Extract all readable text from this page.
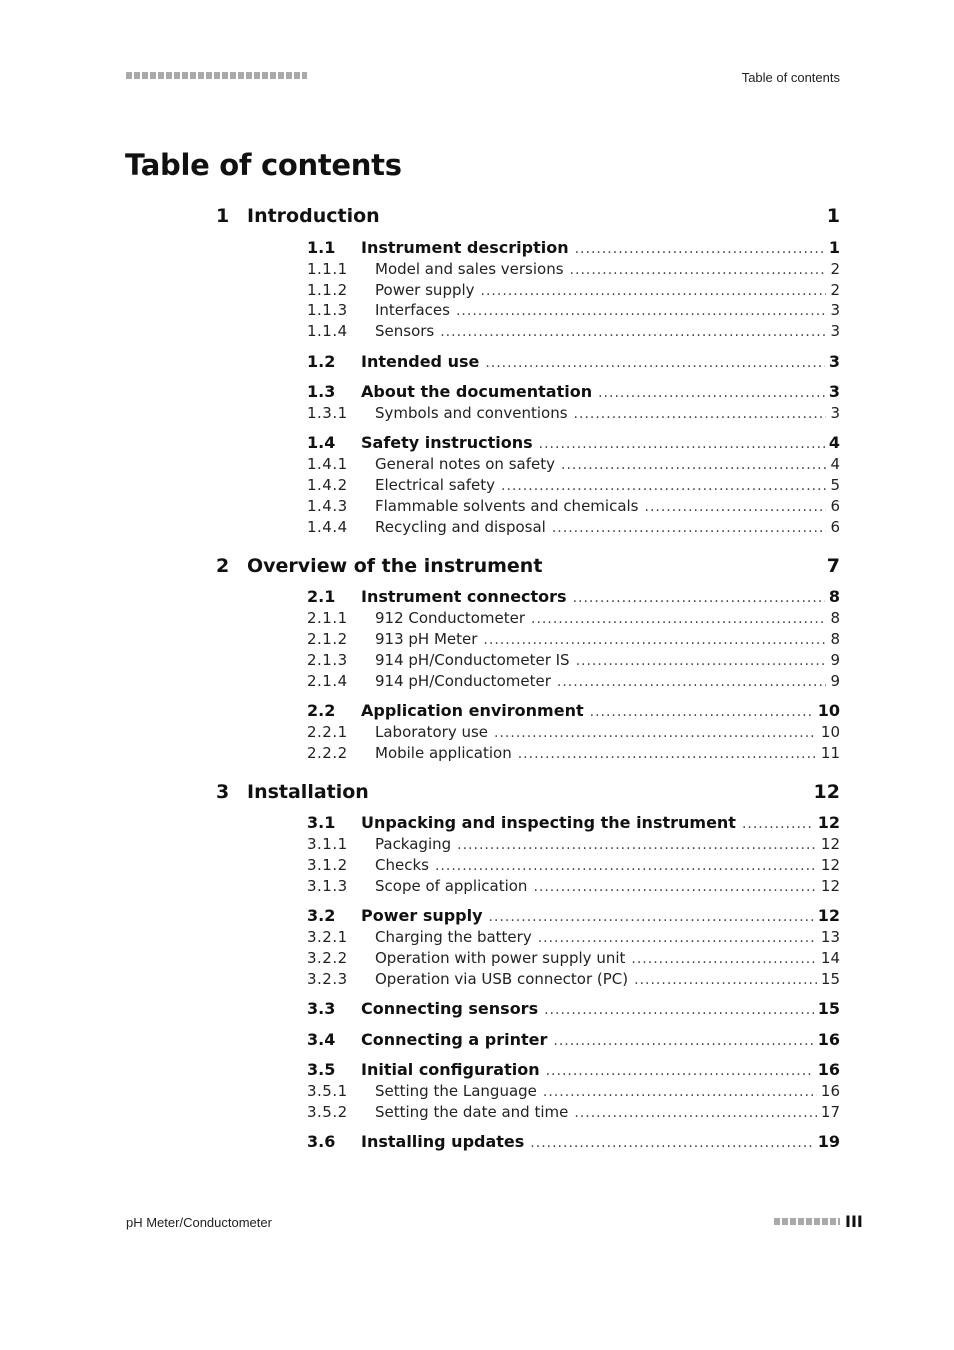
Table of contents
Table of contents
1 Introduction	1
1.1	Instrument description .....	1
1.1.1	Model and sales versions .....	2
1.1.2	Power supply .....	2
1.1.3	Interfaces .....	3
1.1.4	Sensors .....	3
1.2	Intended use .....	3
1.3	About the documentation .....	3
1.3.1	Symbols and conventions .....	3
1.4	Safety instructions .....	4
1.4.1	General notes on safety .....	4
1.4.2	Electrical safety .....	5
1.4.3	Flammable solvents and chemicals .....	6
1.4.4	Recycling and disposal .....	6
2 Overview of the instrument	7
2.1	Instrument connectors .....	8
2.1.1	912 Conductometer .....	8
2.1.2	913 pH Meter .....	8
2.1.3	914 pH/Conductometer IS .....	9
2.1.4	914 pH/Conductometer .....	9
2.2	Application environment .....	10
2.2.1	Laboratory use .....	10
2.2.2	Mobile application .....	11
3 Installation	12
3.1	Unpacking and inspecting the instrument .....	12
3.1.1	Packaging .....	12
3.1.2	Checks .....	12
3.1.3	Scope of application .....	12
3.2	Power supply .....	12
3.2.1	Charging the battery .....	13
3.2.2	Operation with power supply unit .....	14
3.2.3	Operation via USB connector (PC) .....	15
3.3	Connecting sensors .....	15
3.4	Connecting a printer .....	16
3.5	Initial configuration .....	16
3.5.1	Setting the Language .....	16
3.5.2	Setting the date and time .....	17
3.6	Installing updates .....	19
pH Meter/Conductometer	III
